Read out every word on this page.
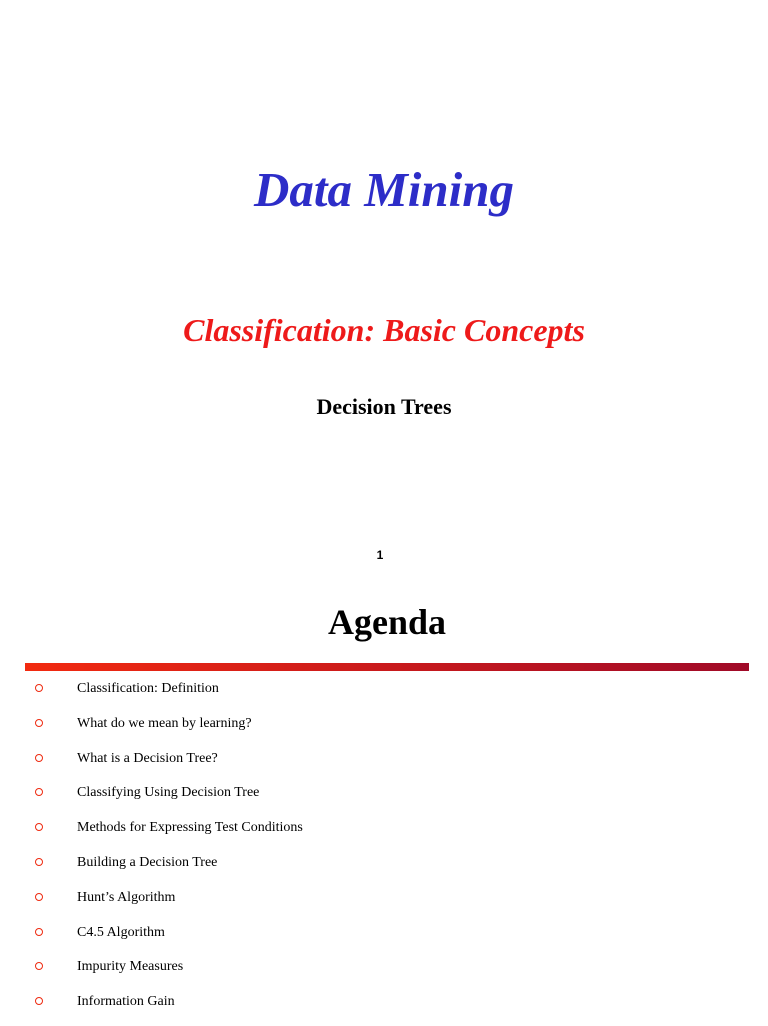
Data Mining
Classification: Basic Concepts
Decision Trees
1
Agenda
Classification: Definition
What do we mean by learning?
What is a Decision Tree?
Classifying Using Decision Tree
Methods for Expressing Test Conditions
Building a Decision Tree
Hunt’s Algorithm
C4.5 Algorithm
Impurity Measures
Information Gain
